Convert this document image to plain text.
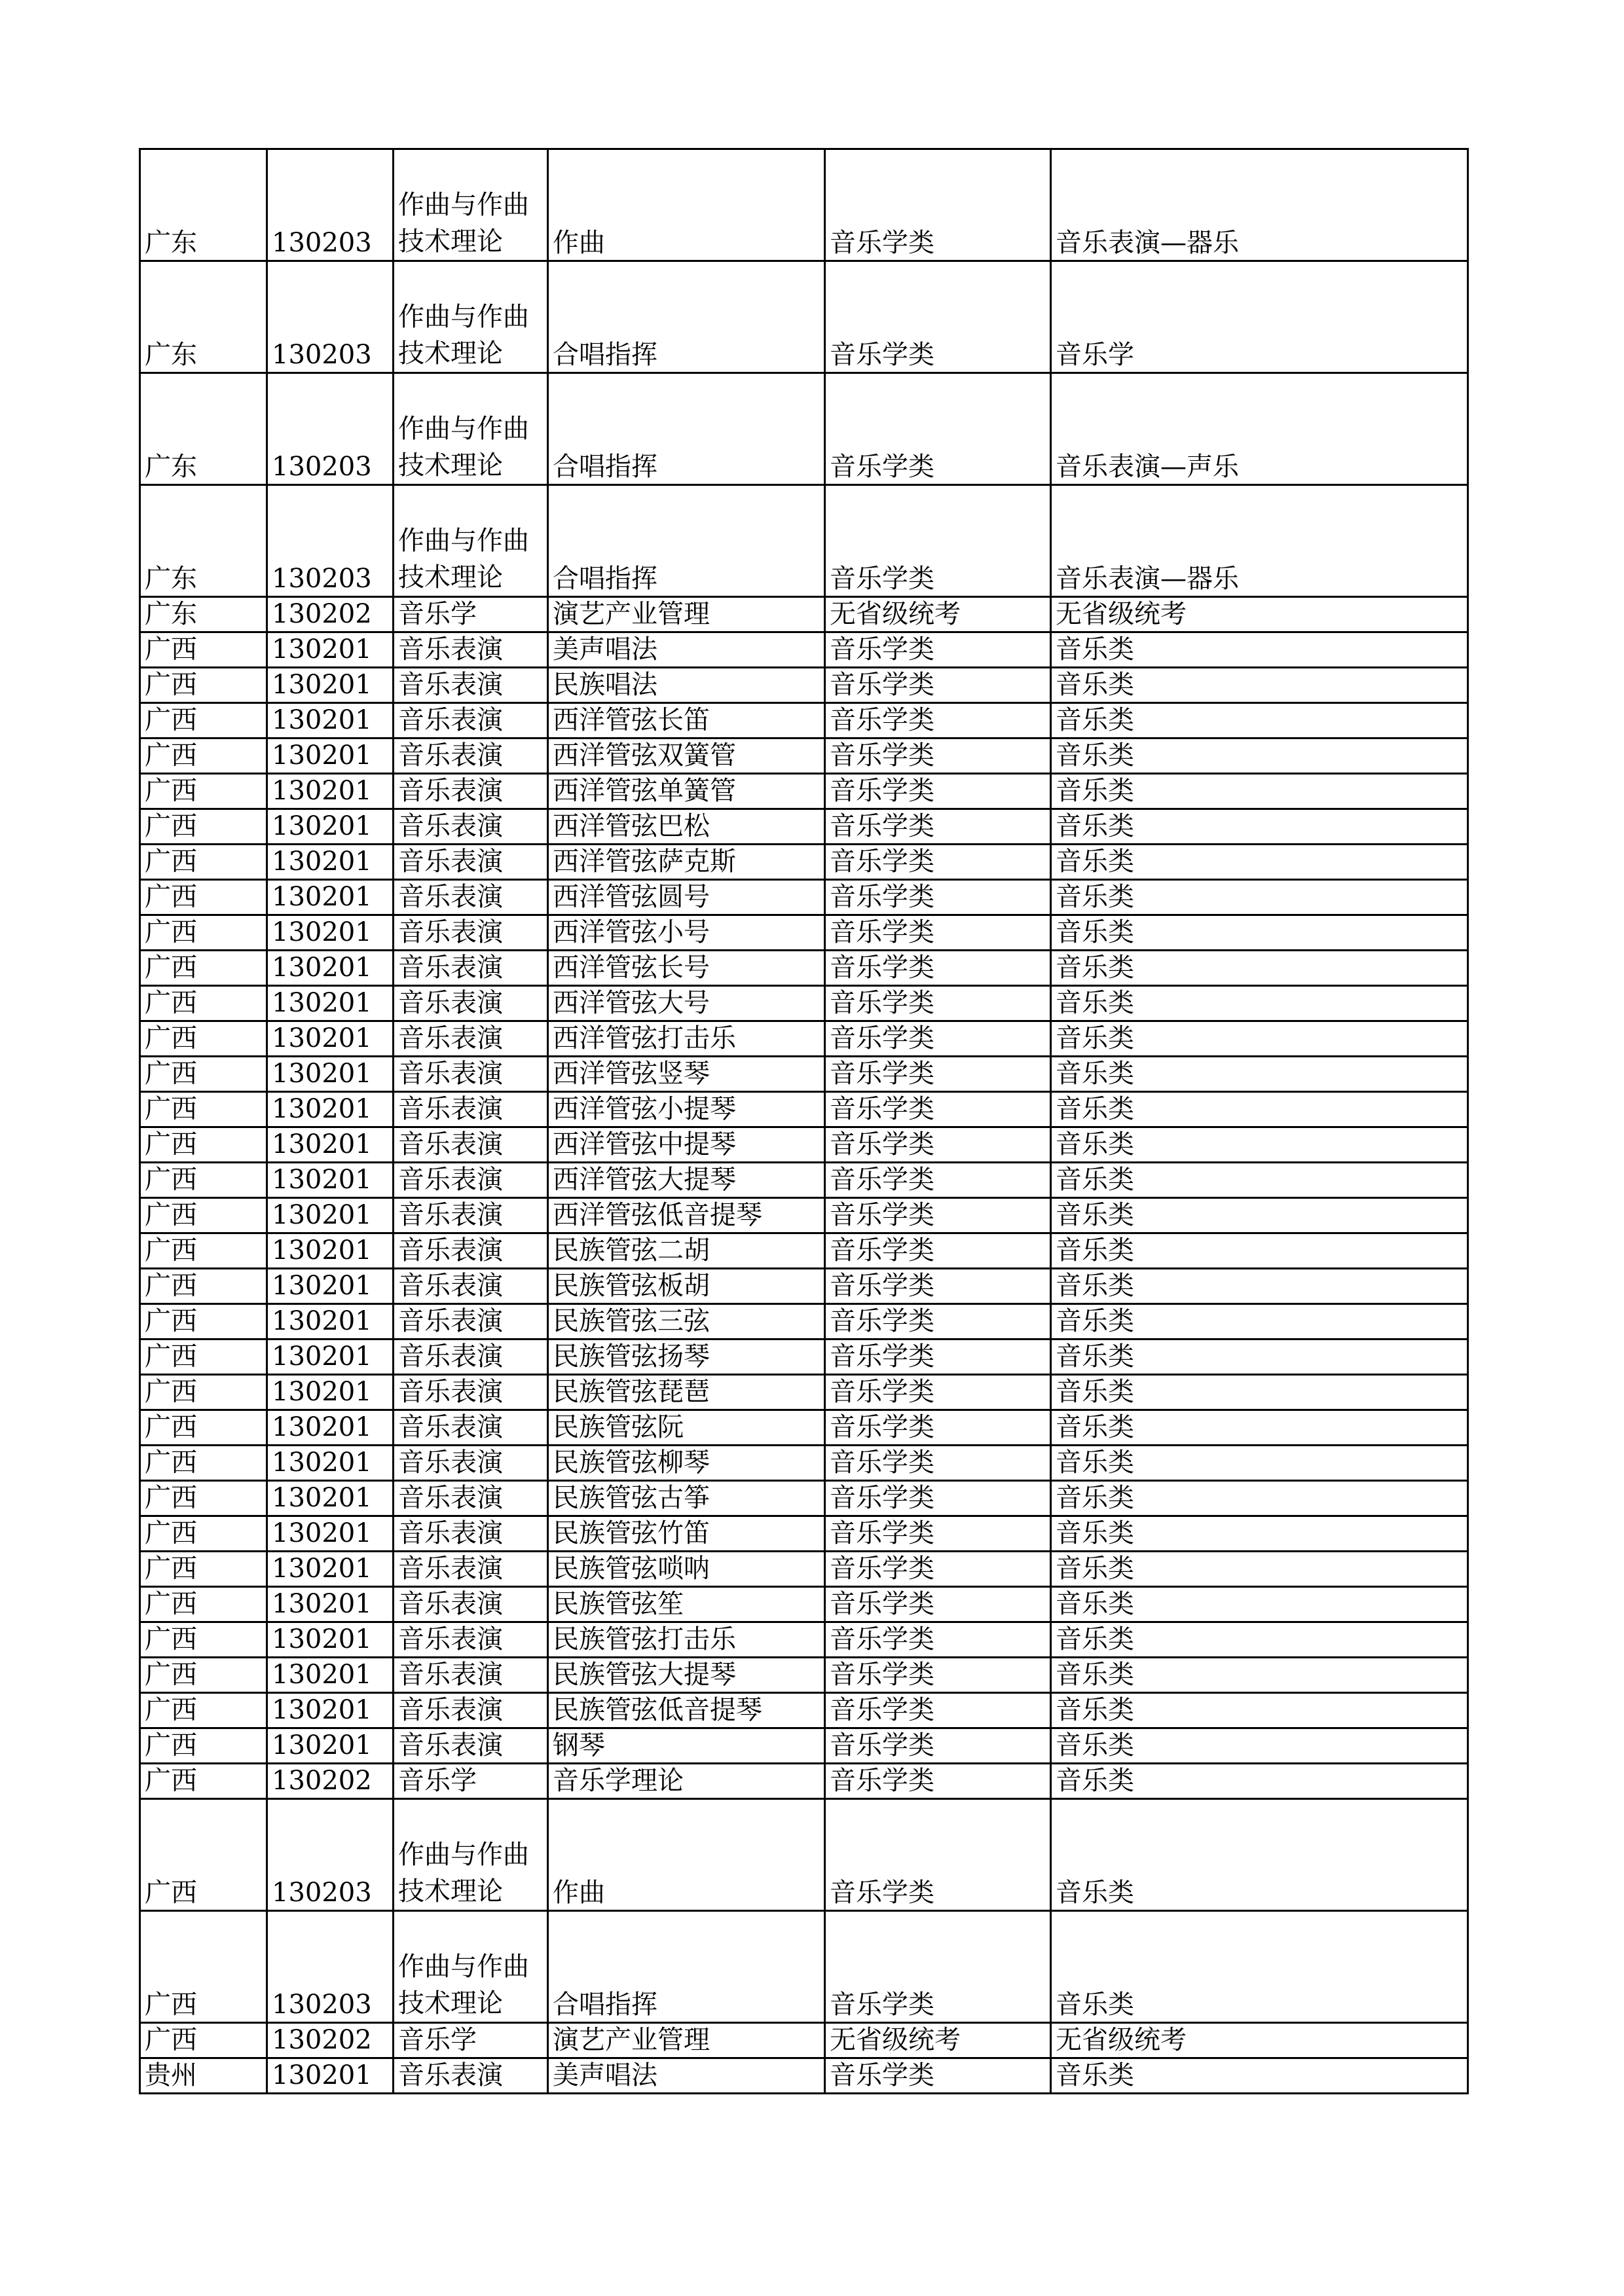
广东	130203	作曲与作曲技术理论	作曲	音乐学类	音乐表演—器乐
广东	130203	作曲与作曲技术理论	合唱指挥	音乐学类	音乐学
广东	130203	作曲与作曲技术理论	合唱指挥	音乐学类	音乐表演—声乐
广东	130203	作曲与作曲技术理论	合唱指挥	音乐学类	音乐表演—器乐
广东	130202	音乐学	演艺产业管理	无省级统考	无省级统考
广西	130201	音乐表演	美声唱法	音乐学类	音乐类
广西	130201	音乐表演	民族唱法	音乐学类	音乐类
广西	130201	音乐表演	西洋管弦长笛	音乐学类	音乐类
广西	130201	音乐表演	西洋管弦双簧管	音乐学类	音乐类
广西	130201	音乐表演	西洋管弦单簧管	音乐学类	音乐类
广西	130201	音乐表演	西洋管弦巴松	音乐学类	音乐类
广西	130201	音乐表演	西洋管弦萨克斯	音乐学类	音乐类
广西	130201	音乐表演	西洋管弦圆号	音乐学类	音乐类
广西	130201	音乐表演	西洋管弦小号	音乐学类	音乐类
广西	130201	音乐表演	西洋管弦长号	音乐学类	音乐类
广西	130201	音乐表演	西洋管弦大号	音乐学类	音乐类
广西	130201	音乐表演	西洋管弦打击乐	音乐学类	音乐类
广西	130201	音乐表演	西洋管弦竖琴	音乐学类	音乐类
广西	130201	音乐表演	西洋管弦小提琴	音乐学类	音乐类
广西	130201	音乐表演	西洋管弦中提琴	音乐学类	音乐类
广西	130201	音乐表演	西洋管弦大提琴	音乐学类	音乐类
广西	130201	音乐表演	西洋管弦低音提琴	音乐学类	音乐类
广西	130201	音乐表演	民族管弦二胡	音乐学类	音乐类
广西	130201	音乐表演	民族管弦板胡	音乐学类	音乐类
广西	130201	音乐表演	民族管弦三弦	音乐学类	音乐类
广西	130201	音乐表演	民族管弦扬琴	音乐学类	音乐类
广西	130201	音乐表演	民族管弦琵琶	音乐学类	音乐类
广西	130201	音乐表演	民族管弦阮	音乐学类	音乐类
广西	130201	音乐表演	民族管弦柳琴	音乐学类	音乐类
广西	130201	音乐表演	民族管弦古筝	音乐学类	音乐类
广西	130201	音乐表演	民族管弦竹笛	音乐学类	音乐类
广西	130201	音乐表演	民族管弦唢呐	音乐学类	音乐类
广西	130201	音乐表演	民族管弦笙	音乐学类	音乐类
广西	130201	音乐表演	民族管弦打击乐	音乐学类	音乐类
广西	130201	音乐表演	民族管弦大提琴	音乐学类	音乐类
广西	130201	音乐表演	民族管弦低音提琴	音乐学类	音乐类
广西	130201	音乐表演	钢琴	音乐学类	音乐类
广西	130202	音乐学	音乐学理论	音乐学类	音乐类
广西	130203	作曲与作曲技术理论	作曲	音乐学类	音乐类
广西	130203	作曲与作曲技术理论	合唱指挥	音乐学类	音乐类
广西	130202	音乐学	演艺产业管理	无省级统考	无省级统考
贵州	130201	音乐表演	美声唱法	音乐学类	音乐类
